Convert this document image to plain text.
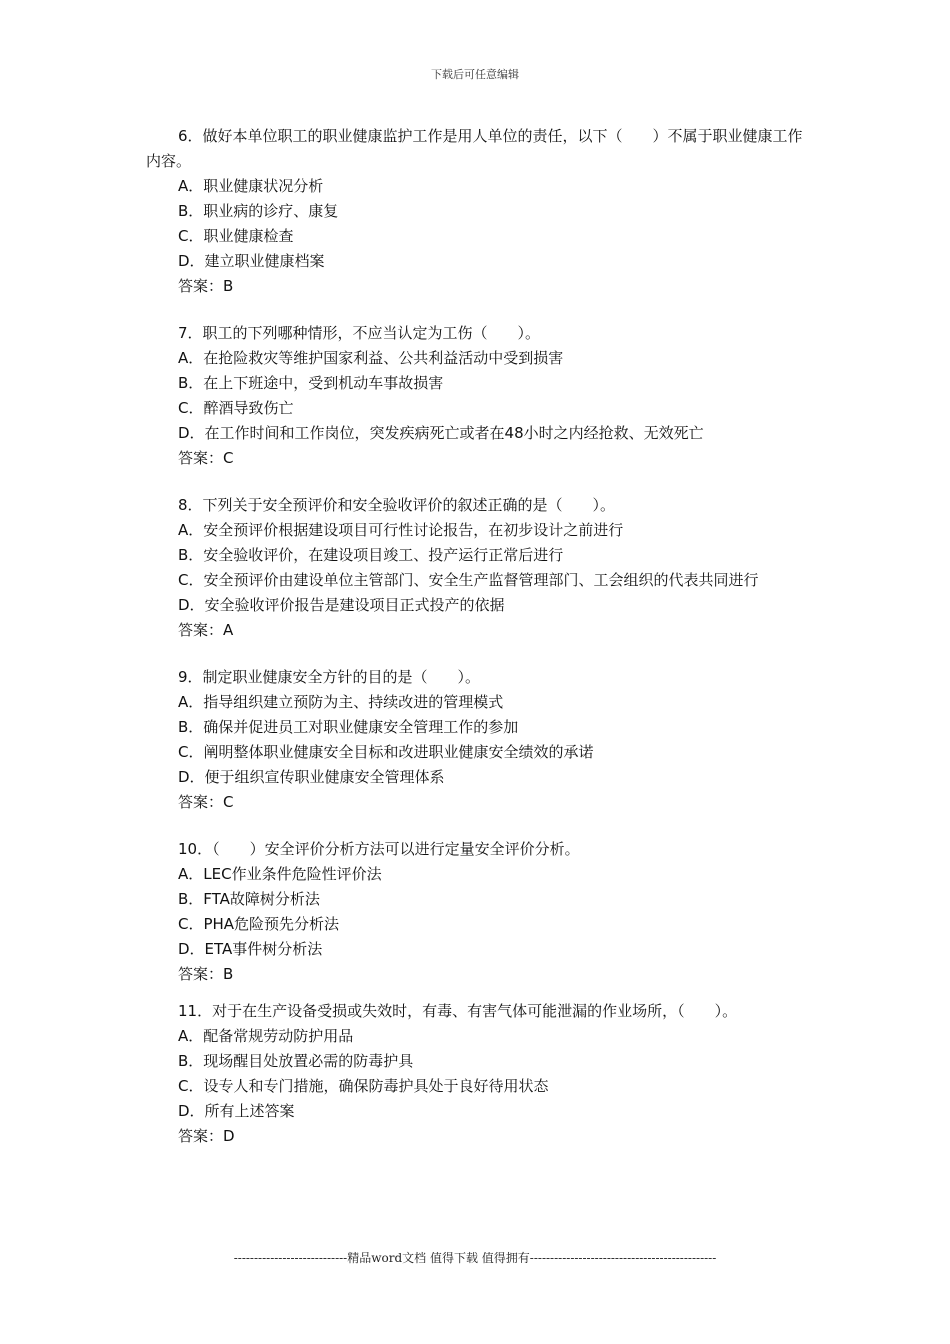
下载后可任意编辑

6．做好本单位职工的职业健康监护工作是用人单位的责任，以下（　　）不属于职业健康工作内容。

A．职业健康状况分析

B．职业病的诊疗、康复

C．职业健康检查

D．建立职业健康档案

答案：B

7．职工的下列哪种情形，不应当认定为工伤（　　）。

A．在抢险救灾等维护国家利益、公共利益活动中受到损害

B．在上下班途中，受到机动车事故损害

C．醉酒导致伤亡

D．在工作时间和工作岗位，突发疾病死亡或者在48小时之内经抢救、无效死亡

答案：C

8．下列关于安全预评价和安全验收评价的叙述正确的是（　　）。

A．安全预评价根据建设项目可行性讨论报告，在初步设计之前进行

B．安全验收评价，在建设项目竣工、投产运行正常后进行

C．安全预评价由建设单位主管部门、安全生产监督管理部门、工会组织的代表共同进行

D．安全验收评价报告是建设项目正式投产的依据

答案：A

9．制定职业健康安全方针的目的是（　　）。

A．指导组织建立预防为主、持续改进的管理模式

B．确保并促进员工对职业健康安全管理工作的参加

C．阐明整体职业健康安全目标和改进职业健康安全绩效的承诺

D．便于组织宣传职业健康安全管理体系

答案：C

10．（　　）安全评价分析方法可以进行定量安全评价分析。

A．LEC作业条件危险性评价法

B．FTA故障树分析法

C．PHA危险预先分析法

D．ETA事件树分析法

答案：B

11．对于在生产设备受损或失效时，有毒、有害气体可能泄漏的作业场所，（　　）。

A．配备常规劳动防护用品

B．现场醒目处放置必需的防毒护具

C．设专人和专门措施，确保防毒护具处于良好待用状态

D．所有上述答案

答案：D

----------------------------精品word文档 值得下载 值得拥有----------------------------------------------
